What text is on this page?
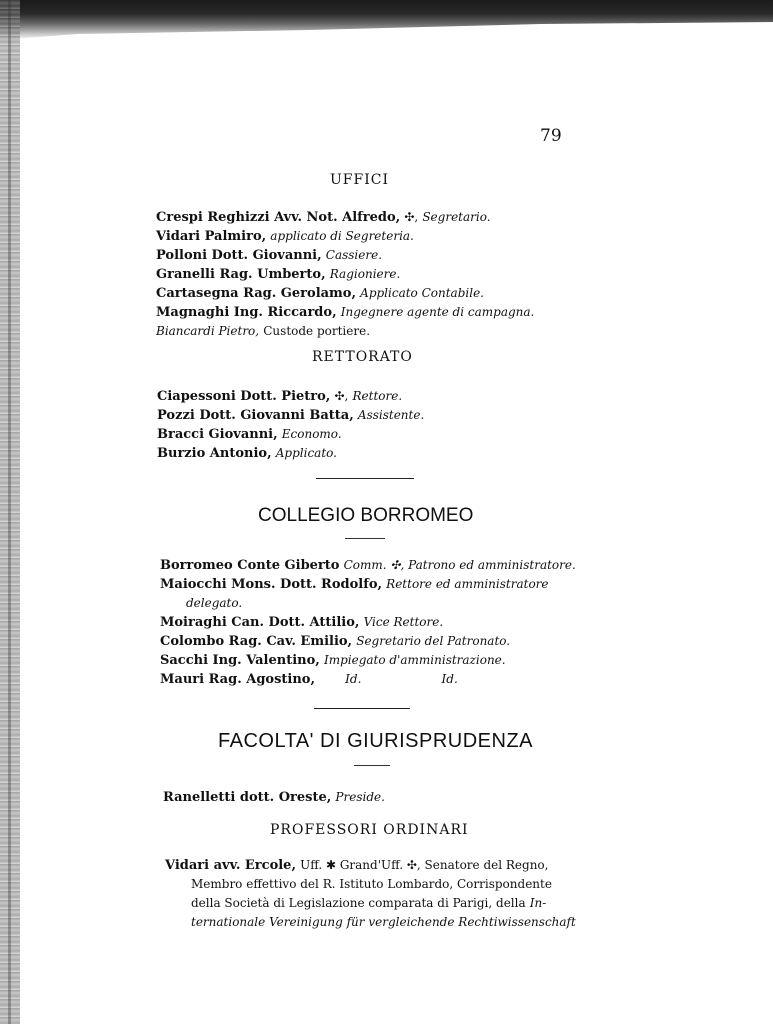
79
UFFICI
Crespi Reghizzi Avv. Not. Alfredo, ✣, Segretario.
Vidari Palmiro, applicato di Segreteria.
Polloni Dott. Giovanni, Cassiere.
Granelli Rag. Umberto, Ragioniere.
Cartasegna Rag. Gerolamo, Applicato Contabile.
Magnaghi Ing. Riccardo, Ingegnere agente di campagna.
Biancardi Pietro, Custode portiere.
RETTORATO
Ciapessoni Dott. Pietro, ✣, Rettore.
Pozzi Dott. Giovanni Batta, Assistente.
Bracci Giovanni, Economo.
Burzio Antonio, Applicato.
COLLEGIO BORROMEO
Borromeo Conte Giberto Comm. ✣, Patrono ed amministratore.
Maiocchi Mons. Dott. Rodolfo, Rettore ed amministratore
delegato.
Moiraghi Can. Dott. Attilio, Vice Rettore.
Colombo Rag. Cav. Emilio, Segretario del Patronato.
Sacchi Ing. Valentino, Impiegato d'amministrazione.
Mauri Rag. Agostino,	Id.	Id.
FACOLTA' DI GIURISPRUDENZA
Ranelletti dott. Oreste, Preside.
PROFESSORI ORDINARI
Vidari avv. Ercole, Uff. ✱ Grand'Uff. ✣, Senatore del Regno,
Membro effettivo del R. Istituto Lombardo, Corrispondente
della Società di Legislazione comparata di Parigi, della In-
ternationale Vereinigung für vergleichende Rechtiwissenschaft
